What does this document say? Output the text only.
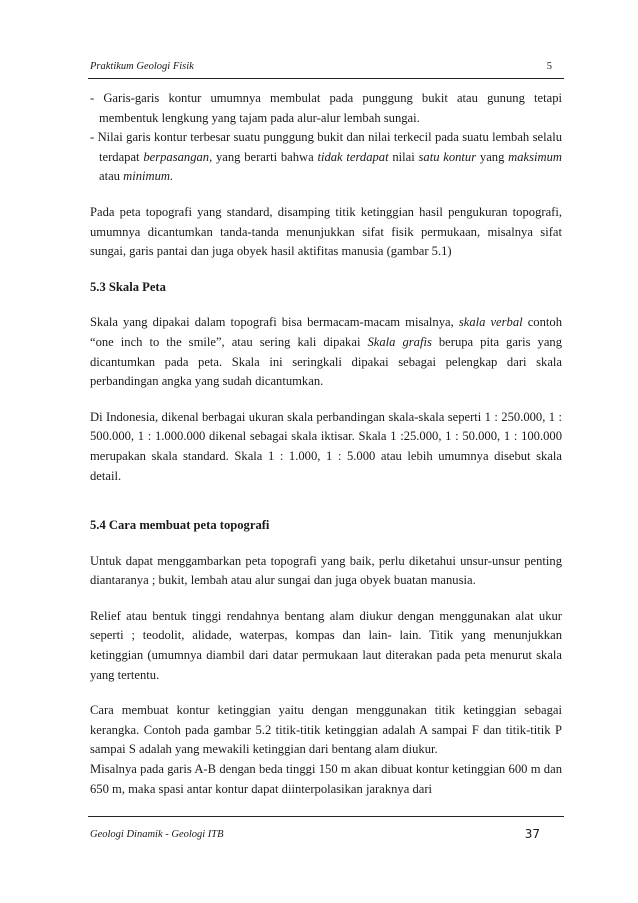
Praktikum Geologi Fisik	5

- Garis-garis kontur umumnya membulat pada punggung bukit atau gunung tetapi membentuk lengkung yang tajam pada alur-alur lembah sungai.

- Nilai garis kontur terbesar suatu punggung bukit dan nilai terkecil pada suatu lembah selalu terdapat berpasangan, yang berarti bahwa tidak terdapat nilai satu kontur yang maksimum atau minimum.

Pada peta topografi yang standard, disamping titik ketinggian hasil pengukuran topografi, umumnya dicantumkan tanda-tanda menunjukkan sifat fisik permukaan, misalnya sifat sungai, garis pantai dan juga obyek hasil aktifitas manusia (gambar 5.1)

5.3 Skala Peta

Skala yang dipakai dalam topografi bisa bermacam-macam misalnya, skala verbal contoh “one inch to the smile”, atau sering kali dipakai Skala grafis berupa pita garis yang dicantumkan pada peta. Skala ini seringkali dipakai sebagai pelengkap dari skala perbandingan angka yang sudah dicantumkan.

Di Indonesia, dikenal berbagai ukuran skala perbandingan skala-skala seperti 1 : 250.000, 1 : 500.000, 1 : 1.000.000 dikenal sebagai skala iktisar. Skala 1 :25.000, 1 : 50.000, 1 : 100.000 merupakan skala standard. Skala 1 : 1.000, 1 : 5.000 atau lebih umumnya disebut skala detail.

5.4 Cara membuat peta topografi

Untuk dapat menggambarkan peta topografi yang baik, perlu diketahui unsur-unsur penting diantaranya ; bukit, lembah atau alur sungai dan juga obyek buatan manusia.

Relief atau bentuk tinggi rendahnya bentang alam diukur dengan menggunakan alat ukur seperti ; teodolit, alidade, waterpas, kompas dan lain- lain. Titik yang menunjukkan ketinggian (umumnya diambil dari datar permukaan laut diterakan pada peta menurut skala yang tertentu.

Cara membuat kontur ketinggian yaitu dengan menggunakan titik ketinggian sebagai kerangka. Contoh pada gambar 5.2 titik-titik ketinggian adalah A sampai F dan titik-titik P sampai S adalah yang mewakili ketinggian dari bentang alam diukur.

Misalnya pada garis A-B dengan beda tinggi 150 m akan dibuat kontur ketinggian 600 m dan 650 m, maka spasi antar kontur dapat diinterpolasikan jaraknya dari

Geologi Dinamik - Geologi ITB	37
